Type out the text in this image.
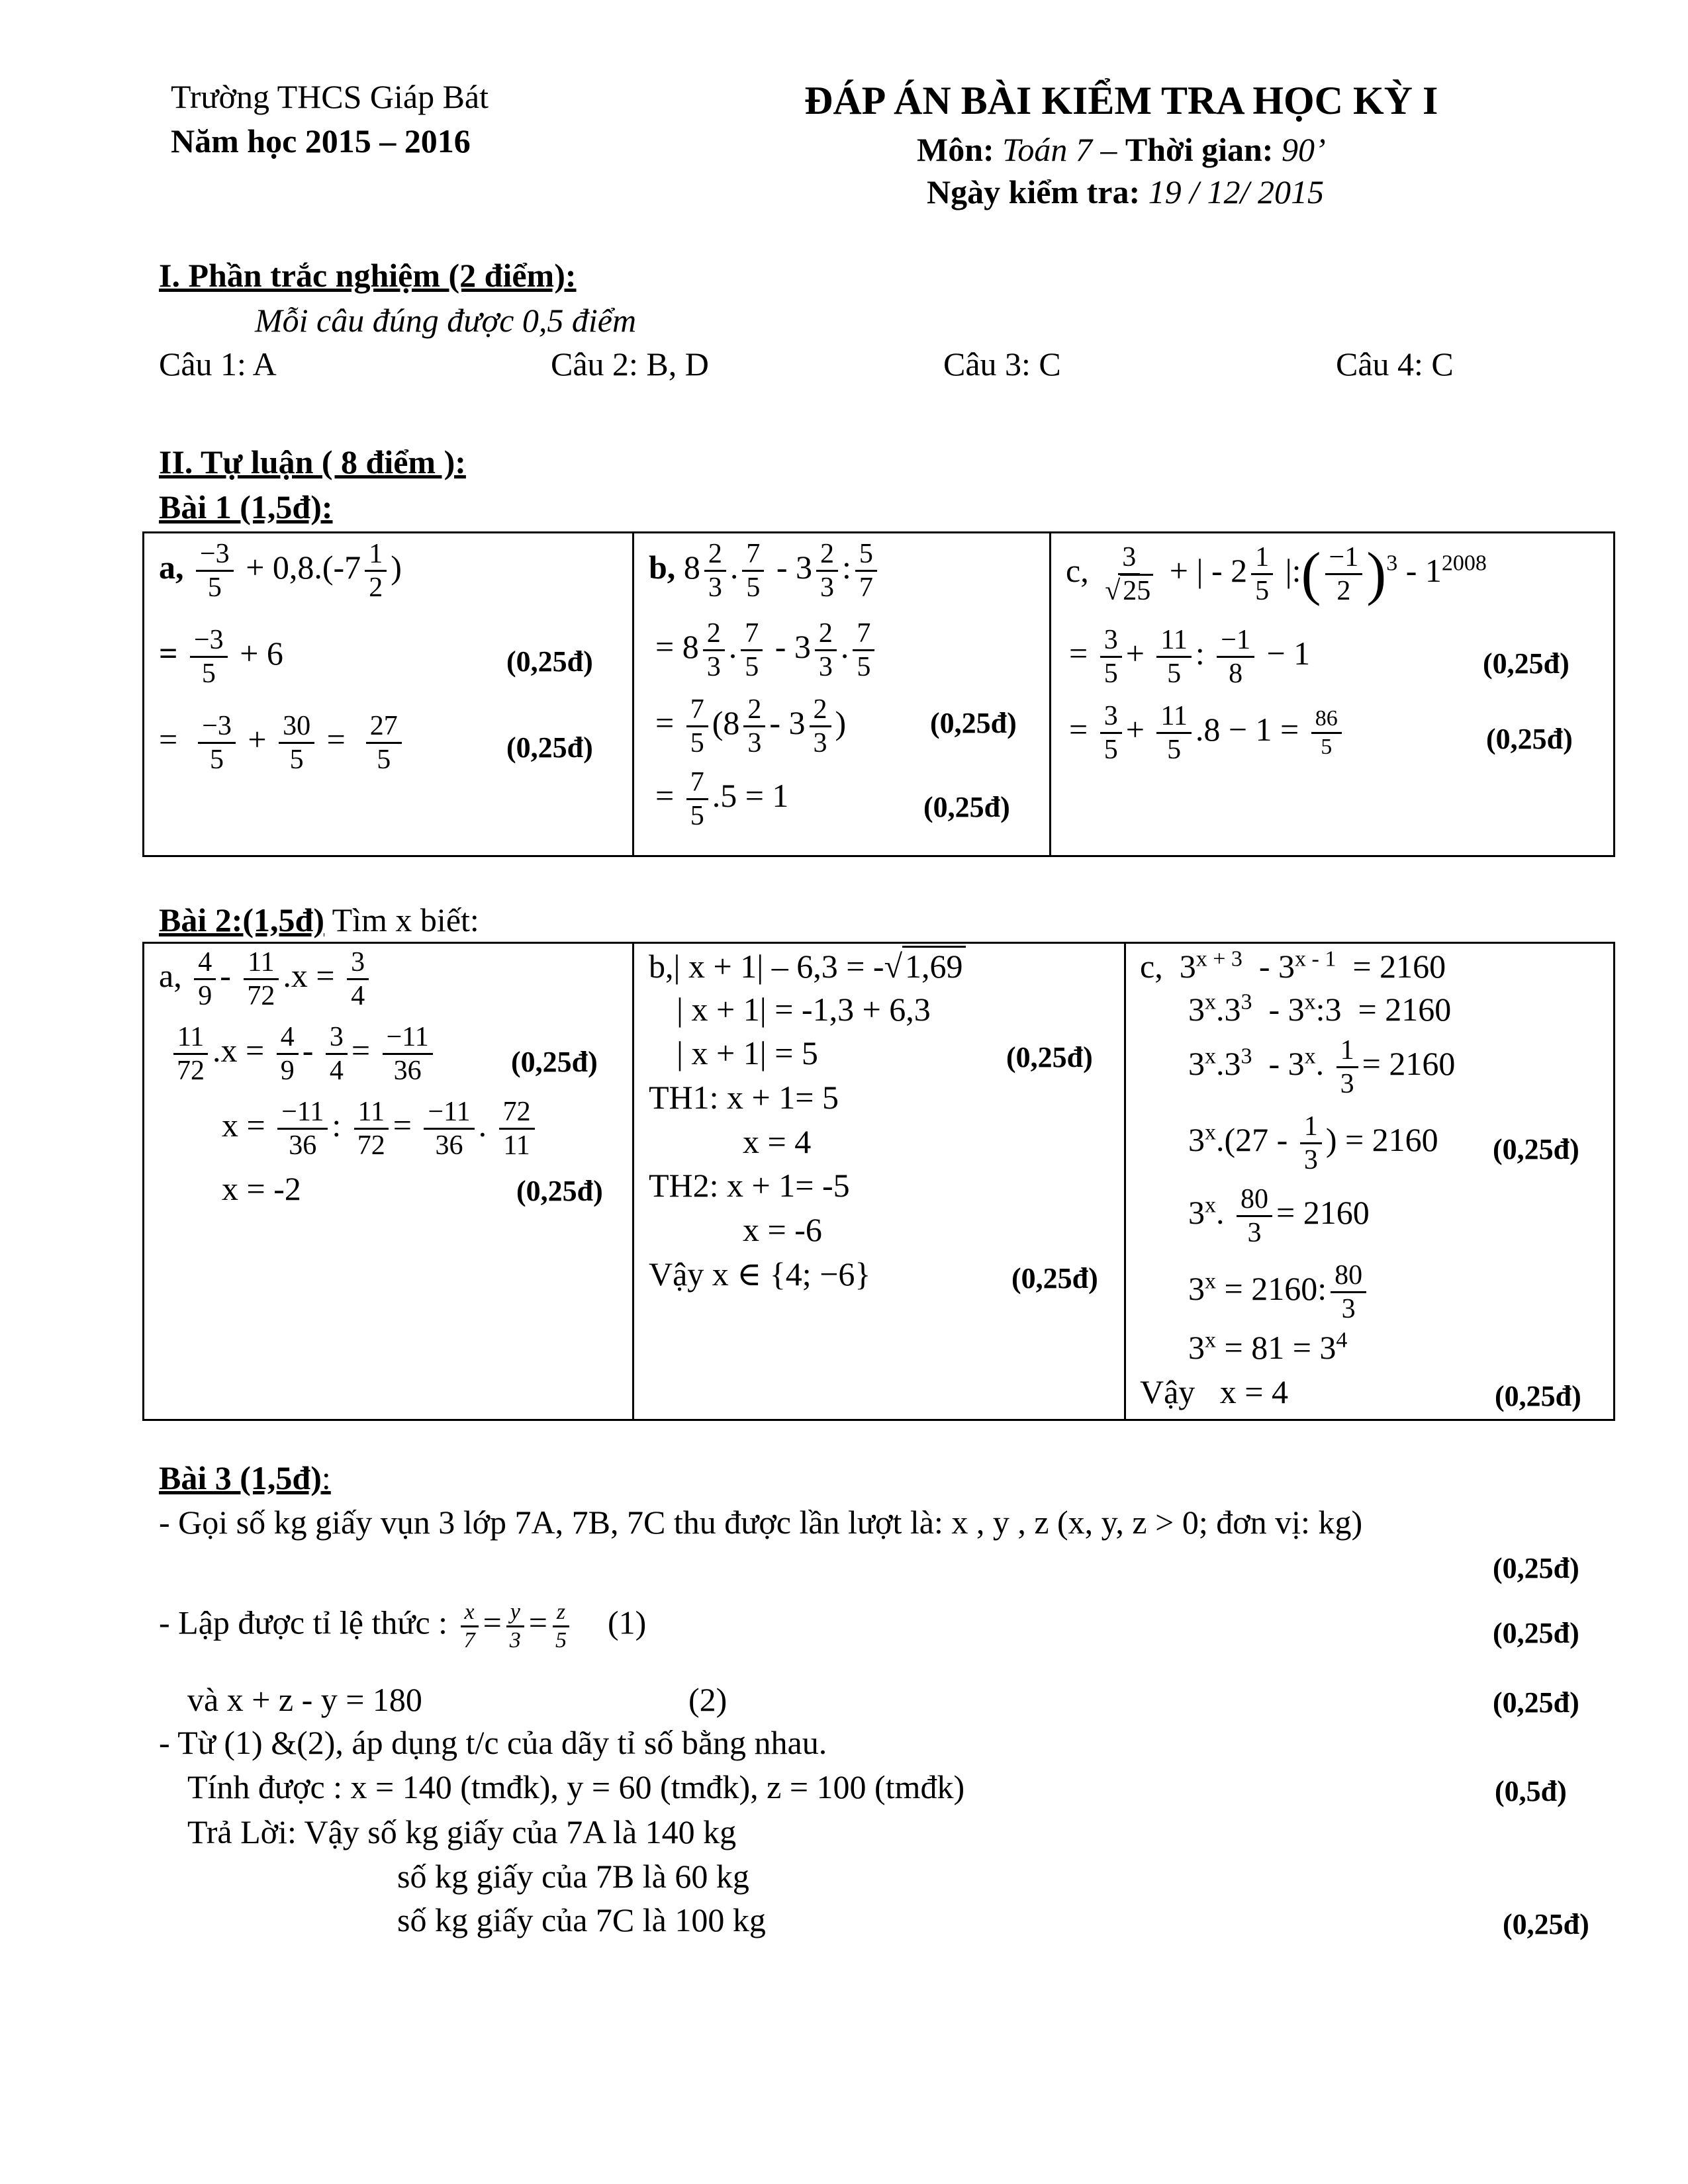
Trường THCS Giáp Bát
Năm học 2015 – 2016
ĐÁP ÁN BÀI KIỂM TRA HỌC KỲ I
Môn: Toán 7 – Thời gian: 90’
Ngày kiểm tra: 19 / 12/ 2015
I. Phần trắc nghiệm (2 điểm):
Mỗi câu đúng được 0,5 điểm
Câu 1: A	Câu 2: B, D	Câu 3: C	Câu 4: C
II. Tự luận ( 8 điểm ):
Bài 1 (1,5đ):
a, $\frac{-3}{5} + 0,8.(-7 \frac{1}{2}$ )
= $\frac{-3}{5} + 6$	(0,25đ)
= $\frac{-3}{5} + \frac{30}{5} = \frac{27}{5}$	(0,25đ)
b, $8 \frac{2}{3}$ . $\frac{7}{5} - 3 \frac{2}{3}$ : $\frac{5}{7}$
= $8 \frac{2}{3}$ . $\frac{7}{5} - 3 \frac{2}{3}$ . $\frac{7}{5}$
= $\frac{7}{5} (8 \frac{2}{3} - 3 \frac{2}{3}$ )	(0,25đ)
= $\frac{7}{5} .5 = 1$	(0,25đ)
c, $\frac{3}{√25}$ + | - $2 \frac{1}{5}$ |:( $\frac{-1}{2} )^3 - 1^{2008}$
= $\frac{3}{5} + \frac{11}{5}$ : $\frac{-1}{8} - 1$	(0,25đ)
= $\frac{3}{5} + \frac{11}{5} .8 - 1 = \frac{86}{5}$	(0,25đ)
Bài 2:(1,5đ) Tìm x biết:
a, $\frac{4}{9} - \frac{11}{72} .x = \frac{3}{4}$
$\frac{11}{72} .x = \frac{4}{9} - \frac{3}{4} = \frac{-11}{36}$	(0,25đ)
$x = \frac{-11}{36}$ : $\frac{11}{72} = \frac{-11}{36}$ . $\frac{72}{11}$
x = -2	(0,25đ)
b,| x + 1| – 6,3 = -√1,69
| x + 1| = -1,3 + 6,3
| x + 1| = 5	(0,25đ)
TH1: x + 1= 5
x = 4
TH2: x + 1= -5
x = -6
Vậy x ∈ {4; −6}	(0,25đ)
c,  $3^{x + 3} - 3^{x - 1} = 2160$
$3^x.3^3$  - 3$^x$:3  = 2160
$3^x.3^3 - 3^x$. $\frac{1}{3} = 2160$
$3^x.(27 - \frac{1}{3}$ ) = 2160 (0,25đ)
3$^x$. $\frac{80}{3} = 2160$
$3^x = 2160$: $\frac{80}{3}$
$3^x = 81 = 3^4$
Vậy   x = 4	(0,25đ)
Bài 3 (1,5đ):
- Gọi số kg giấy vụn 3 lớp 7A, 7B, 7C thu được lần lượt là: x , y , z (x, y, z > 0; đơn vị: kg)
(0,25đ)
- Lập được tỉ lệ thức : $\frac{x}{7} = \frac{y}{3} = \frac{z}{5} (1)$	(0,25đ)
và x + z - y = 180	(2)	(0,25đ)
- Từ (1) &(2), áp dụng t/c của dãy tỉ số bằng nhau.
Tính được : x = 140 (tmđk), y = 60 (tmđk), z = 100 (tmđk)	(0,5đ)
Trả Lời: Vậy số kg giấy của 7A là 140 kg
số kg giấy của 7B là 60 kg
số kg giấy của 7C là 100 kg	(0,25đ)
